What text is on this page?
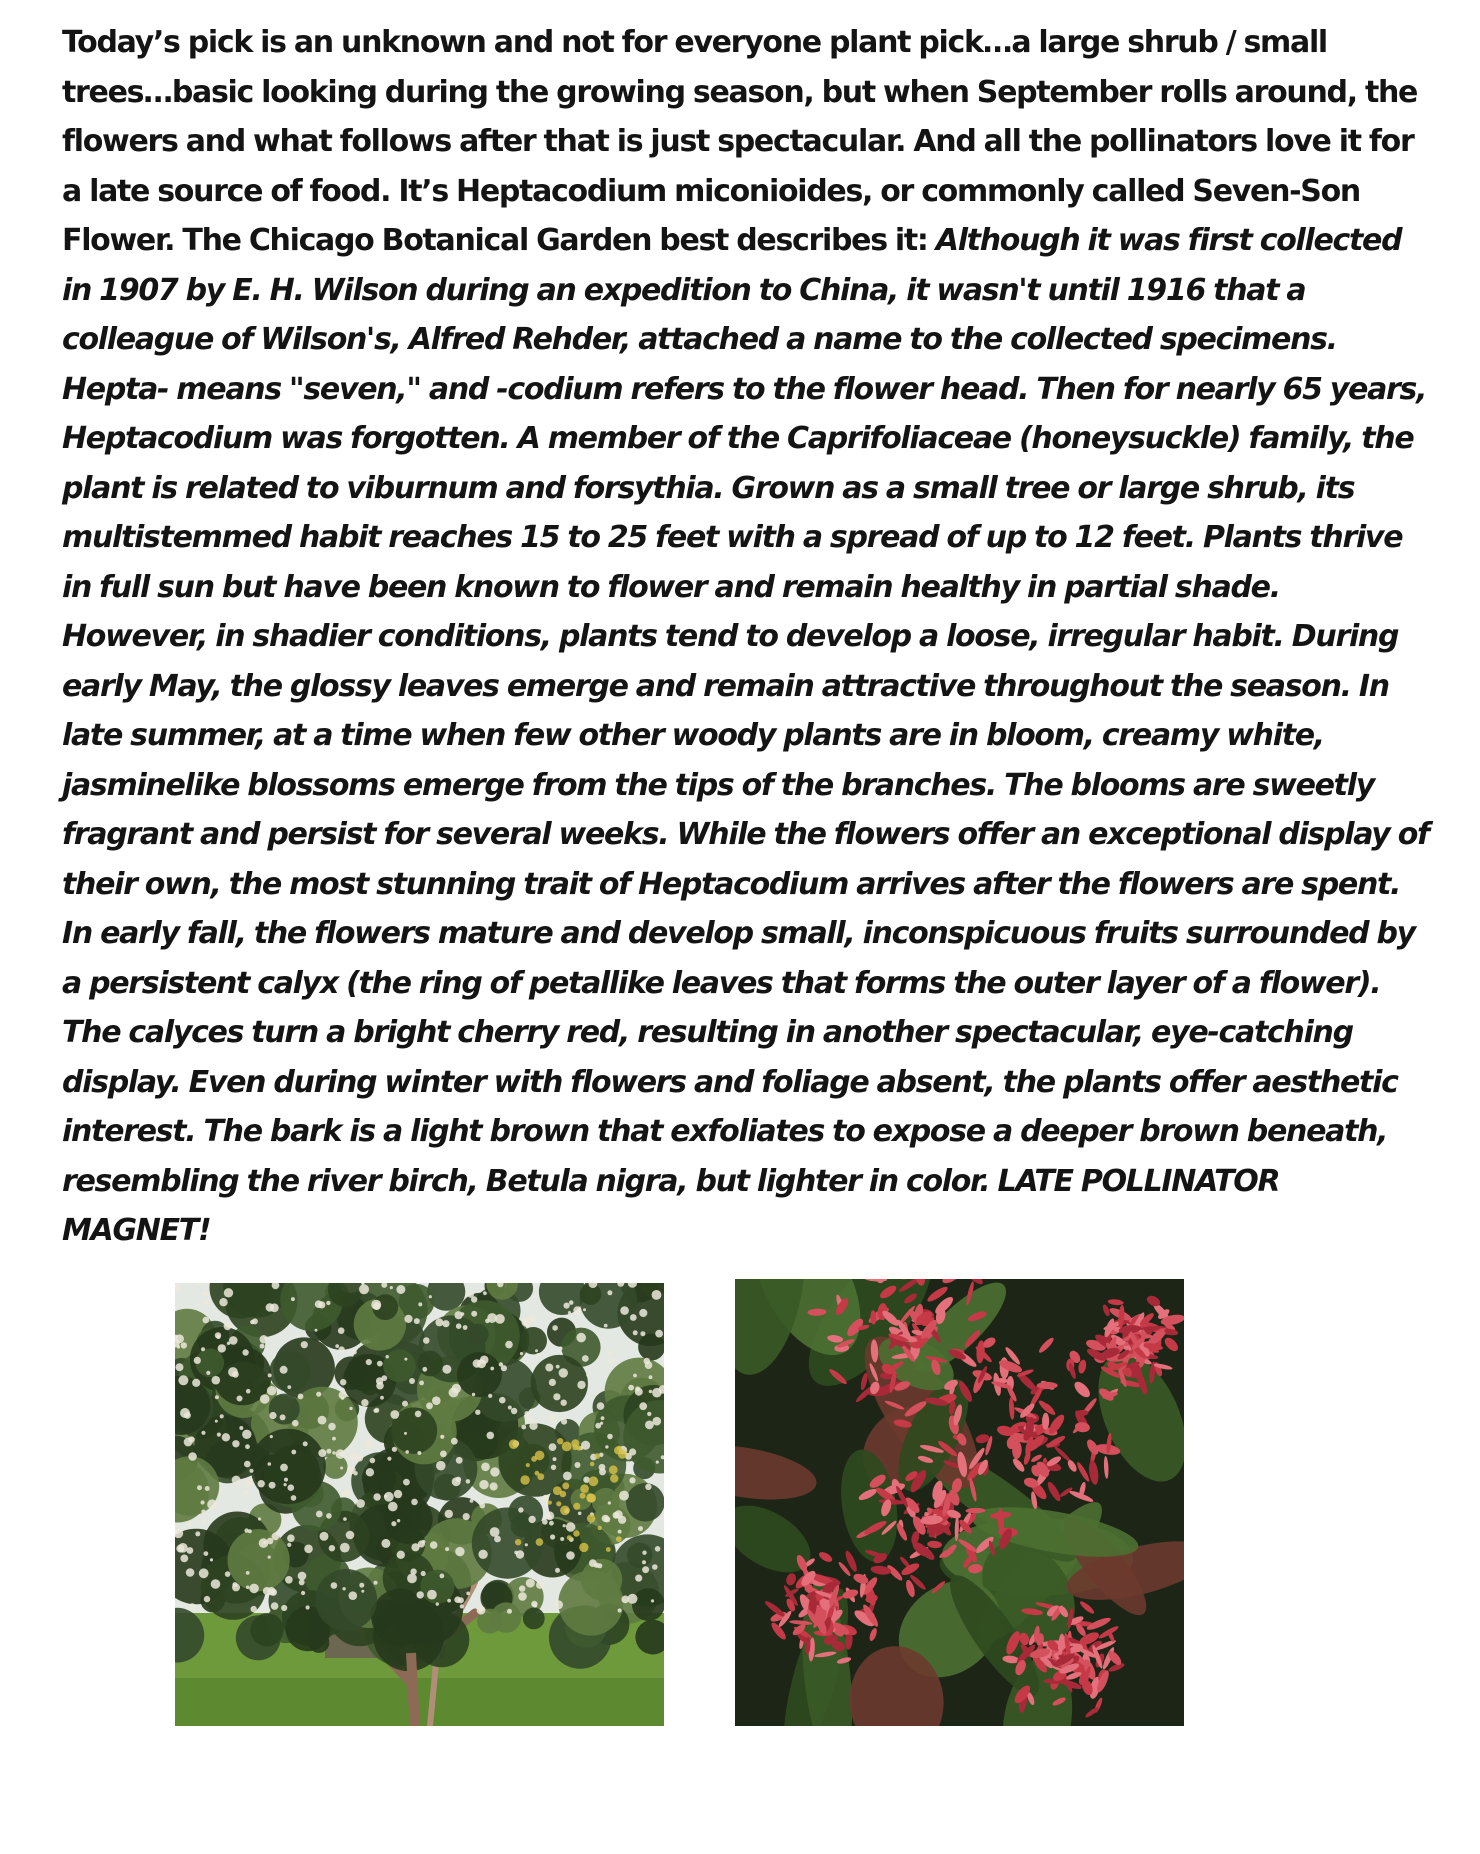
Today’s pick is an unknown and not for everyone plant pick…a large shrub / small trees…basic looking during the growing season, but when September rolls around, the flowers and what follows after that is just spectacular. And all the pollinators love it for a late source of food. It’s Heptacodium miconioides, or commonly called Seven-Son Flower. The Chicago Botanical Garden best describes it: Although it was first collected in 1907 by E. H. Wilson during an expedition to China, it wasn't until 1916 that a colleague of Wilson's, Alfred Rehder, attached a name to the collected specimens. Hepta- means "seven," and -codium refers to the flower head. Then for nearly 65 years, Heptacodium was forgotten. A member of the Caprifoliaceae (honeysuckle) family, the plant is related to viburnum and forsythia. Grown as a small tree or large shrub, its multistemmed habit reaches 15 to 25 feet with a spread of up to 12 feet. Plants thrive in full sun but have been known to flower and remain healthy in partial shade. However, in shadier conditions, plants tend to develop a loose, irregular habit. During early May, the glossy leaves emerge and remain attractive throughout the season. In late summer, at a time when few other woody plants are in bloom, creamy white, jasminelike blossoms emerge from the tips of the branches. The blooms are sweetly fragrant and persist for several weeks. While the flowers offer an exceptional display of their own, the most stunning trait of Heptacodium arrives after the flowers are spent. In early fall, the flowers mature and develop small, inconspicuous fruits surrounded by a persistent calyx (the ring of petallike leaves that forms the outer layer of a flower). The calyces turn a bright cherry red, resulting in another spectacular, eye-catching display. Even during winter with flowers and foliage absent, the plants offer aesthetic interest. The bark is a light brown that exfoliates to expose a deeper brown beneath, resembling the river birch, Betula nigra, but lighter in color. LATE POLLINATOR MAGNET!
